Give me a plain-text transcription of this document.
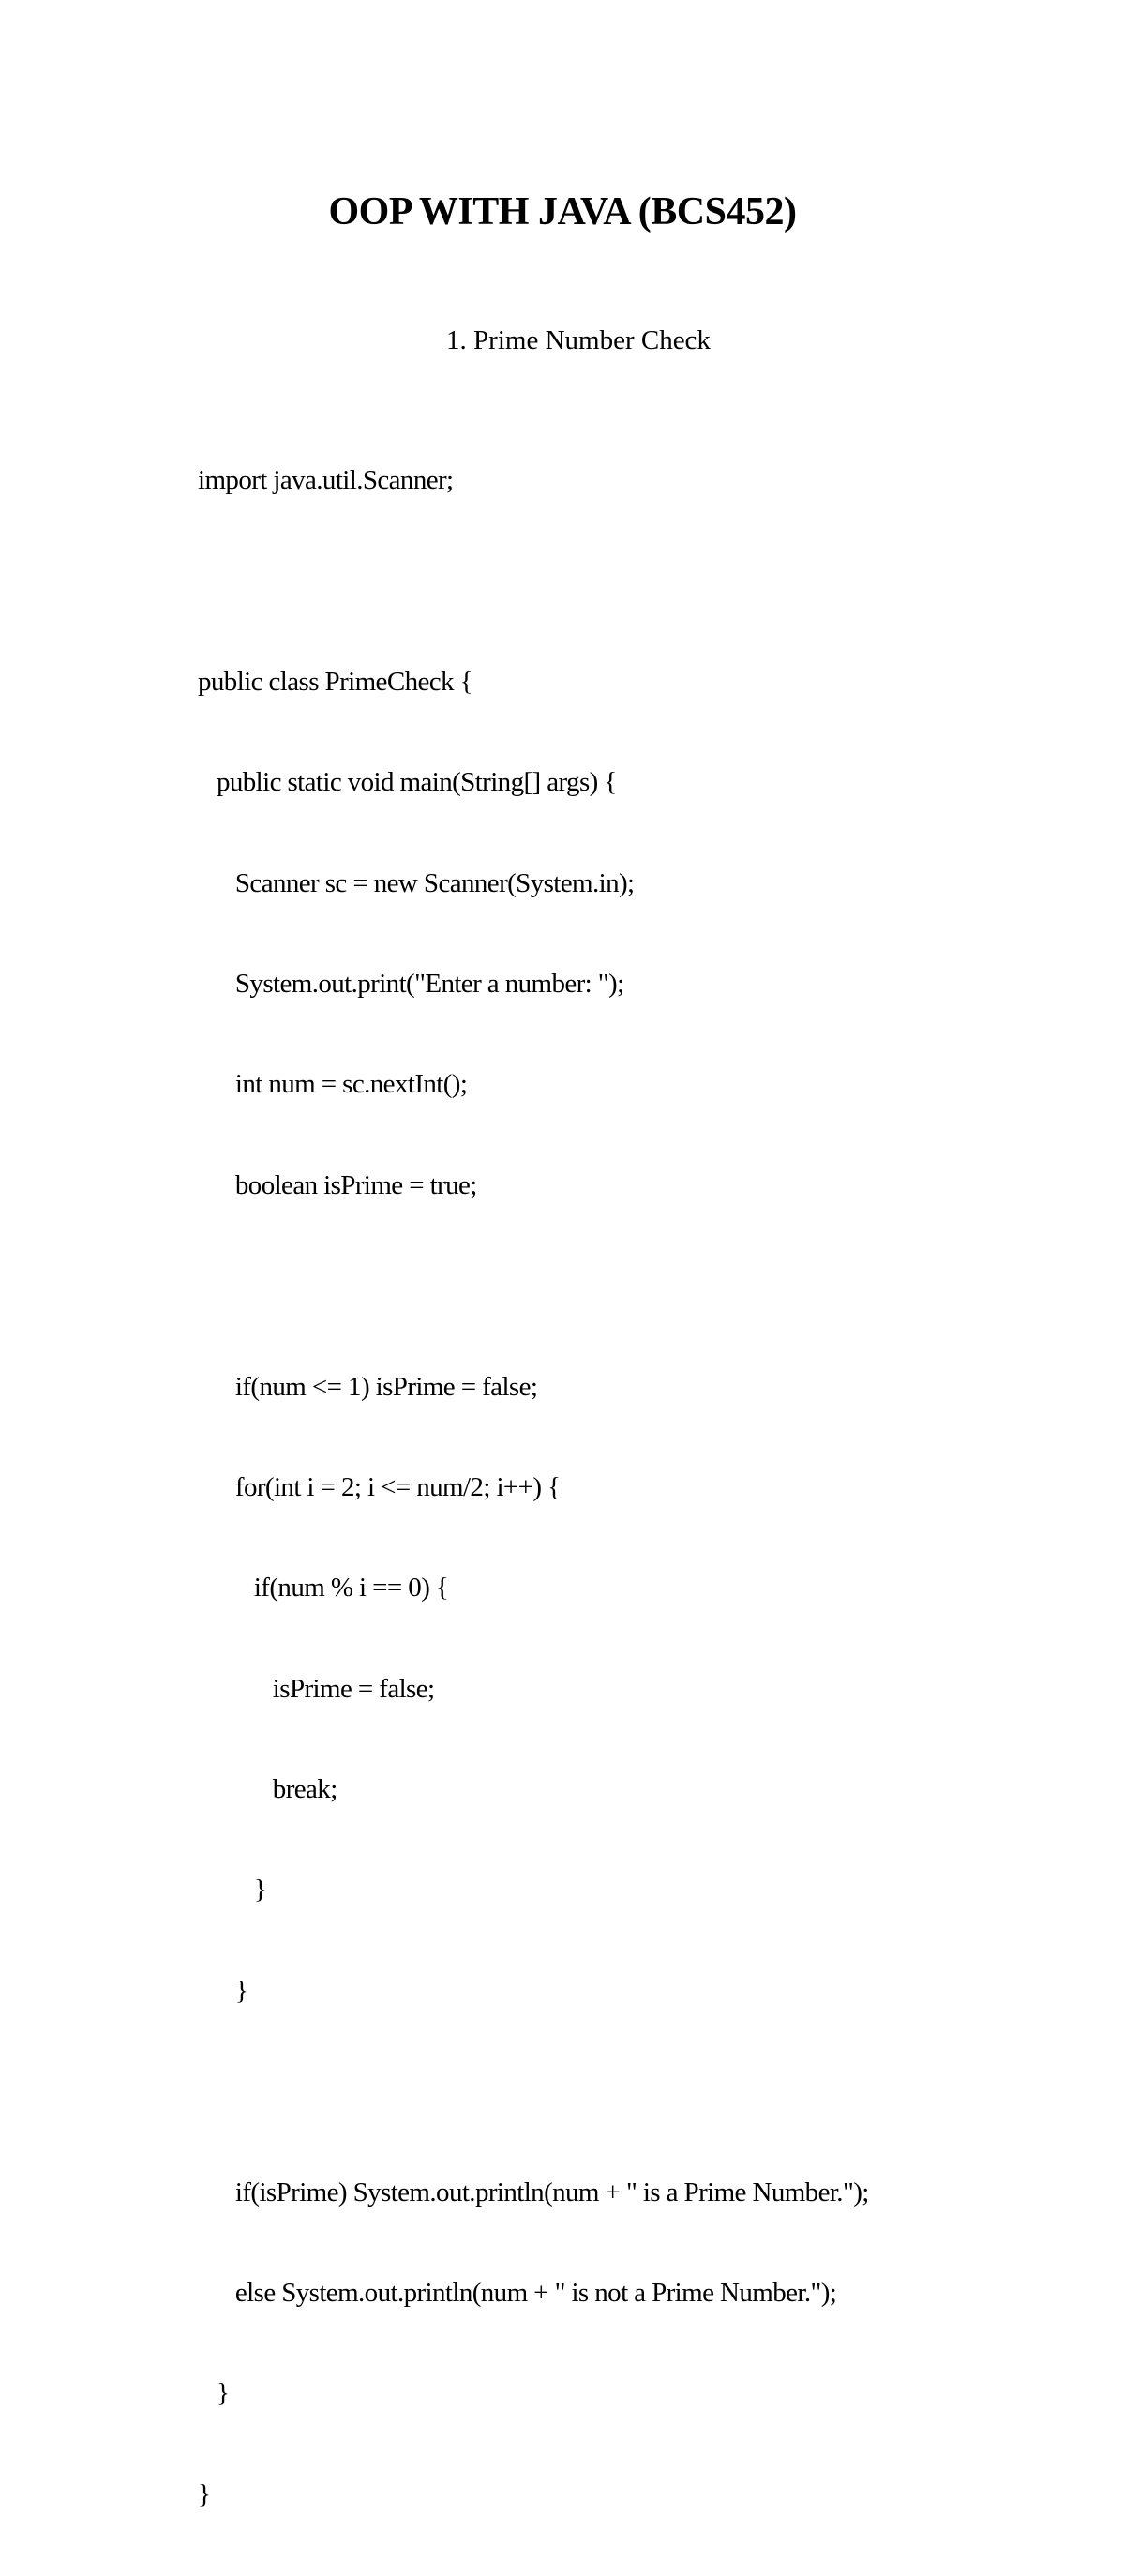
OOP WITH JAVA (BCS452)
1. Prime Number Check

import java.util.Scanner;

public class PrimeCheck {

public static void main(String[] args) {

Scanner sc = new Scanner(System.in);

System.out.print("Enter a number: ");

int num = sc.nextInt();

boolean isPrime = true;

if(num <= 1) isPrime = false;

for(int i = 2; i <= num/2; i++) {

if(num % i == 0) {

isPrime = false;

break;

}

}

if(isPrime) System.out.println(num + " is a Prime Number.");

else System.out.println(num + " is not a Prime Number.");

}

}
